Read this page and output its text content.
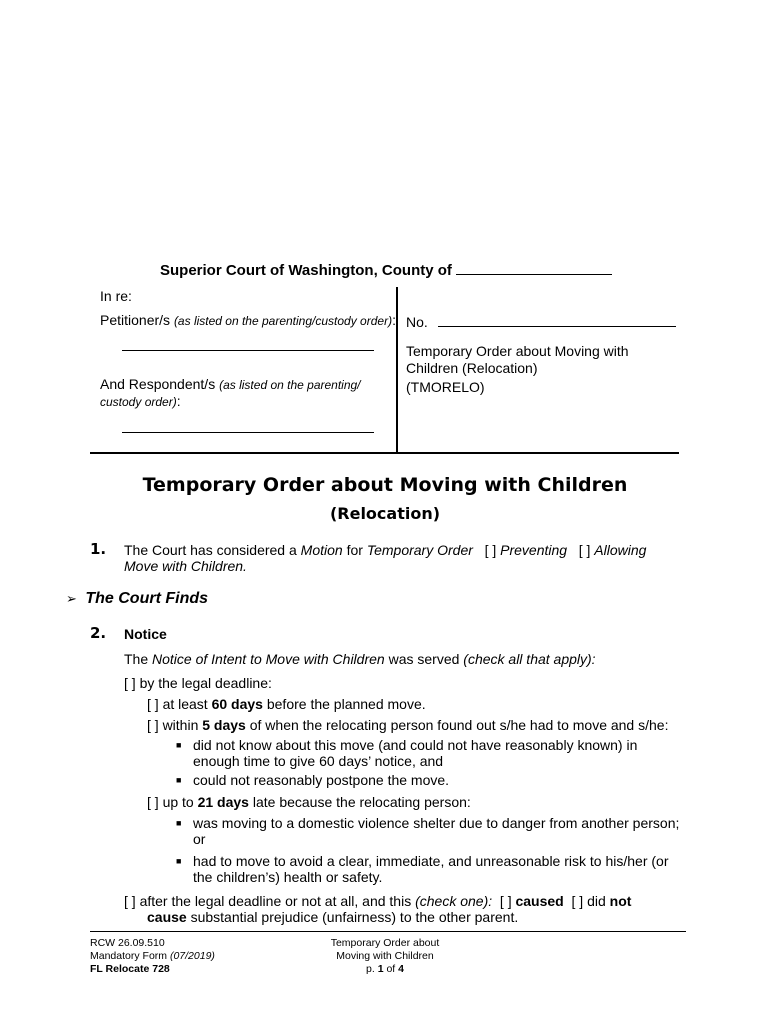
Superior Court of Washington, County of
In re:
Petitioner/s (as listed on the parenting/custody order):
And Respondent/s (as listed on the parenting/
custody order):
No.
Temporary Order about Moving with
Children (Relocation)
(TMORELO)
Temporary Order about Moving with Children
(Relocation)
1. The Court has considered a Motion for Temporary Order [ ] Preventing [ ] Allowing
Move with Children.
➢ The Court Finds
2. Notice
The Notice of Intent to Move with Children was served (check all that apply):
[ ] by the legal deadline:
[ ] at least 60 days before the planned move.
[ ] within 5 days of when the relocating person found out s/he had to move and s/he:
■ did not know about this move (and could not have reasonably known) in
enough time to give 60 days’ notice, and
■ could not reasonably postpone the move.
[ ] up to 21 days late because the relocating person:
■ was moving to a domestic violence shelter due to danger from another person;
or
■ had to move to avoid a clear, immediate, and unreasonable risk to his/her (or
the children’s) health or safety.
[ ] after the legal deadline or not at all, and this (check one): [ ] caused [ ] did not
cause substantial prejudice (unfairness) to the other parent.
RCW 26.09.510
Mandatory Form (07/2019)
FL Relocate 728
Temporary Order about
Moving with Children
p. 1 of 4
